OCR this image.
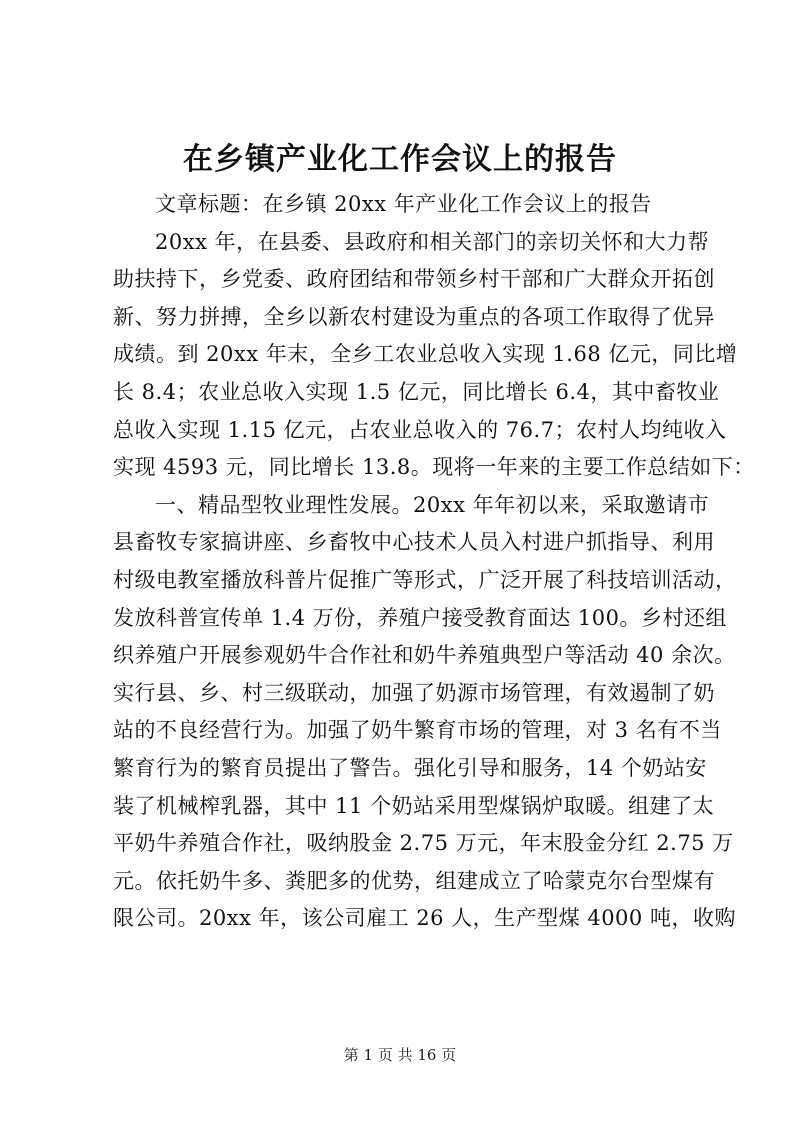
在乡镇产业化工作会议上的报告
文章标题：在乡镇 20xx 年产业化工作会议上的报告
20xx 年，在县委、县政府和相关部门的亲切关怀和大力帮
助扶持下，乡党委、政府团结和带领乡村干部和广大群众开拓创
新、努力拼搏，全乡以新农村建设为重点的各项工作取得了优异
成绩。到 20xx 年末，全乡工农业总收入实现 1.68 亿元，同比增
长 8.4；农业总收入实现 1.5 亿元，同比增长 6.4，其中畜牧业
总收入实现 1.15 亿元，占农业总收入的 76.7；农村人均纯收入
实现 4593 元，同比增长 13.8。现将一年来的主要工作总结如下：
一、精品型牧业理性发展。20xx 年年初以来，采取邀请市
县畜牧专家搞讲座、乡畜牧中心技术人员入村进户抓指导、利用
村级电教室播放科普片促推广等形式，广泛开展了科技培训活动，
发放科普宣传单 1.4 万份，养殖户接受教育面达 100。乡村还组
织养殖户开展参观奶牛合作社和奶牛养殖典型户等活动 40 余次。
实行县、乡、村三级联动，加强了奶源市场管理，有效遏制了奶
站的不良经营行为。加强了奶牛繁育市场的管理，对 3 名有不当
繁育行为的繁育员提出了警告。强化引导和服务，14 个奶站安
装了机械榨乳器，其中 11 个奶站采用型煤锅炉取暖。组建了太
平奶牛养殖合作社，吸纳股金 2.75 万元，年末股金分红 2.75 万
元。依托奶牛多、粪肥多的优势，组建成立了哈蒙克尔台型煤有
限公司。20xx 年，该公司雇工 26 人，生产型煤 4000 吨，收购
第 1 页 共 16 页
